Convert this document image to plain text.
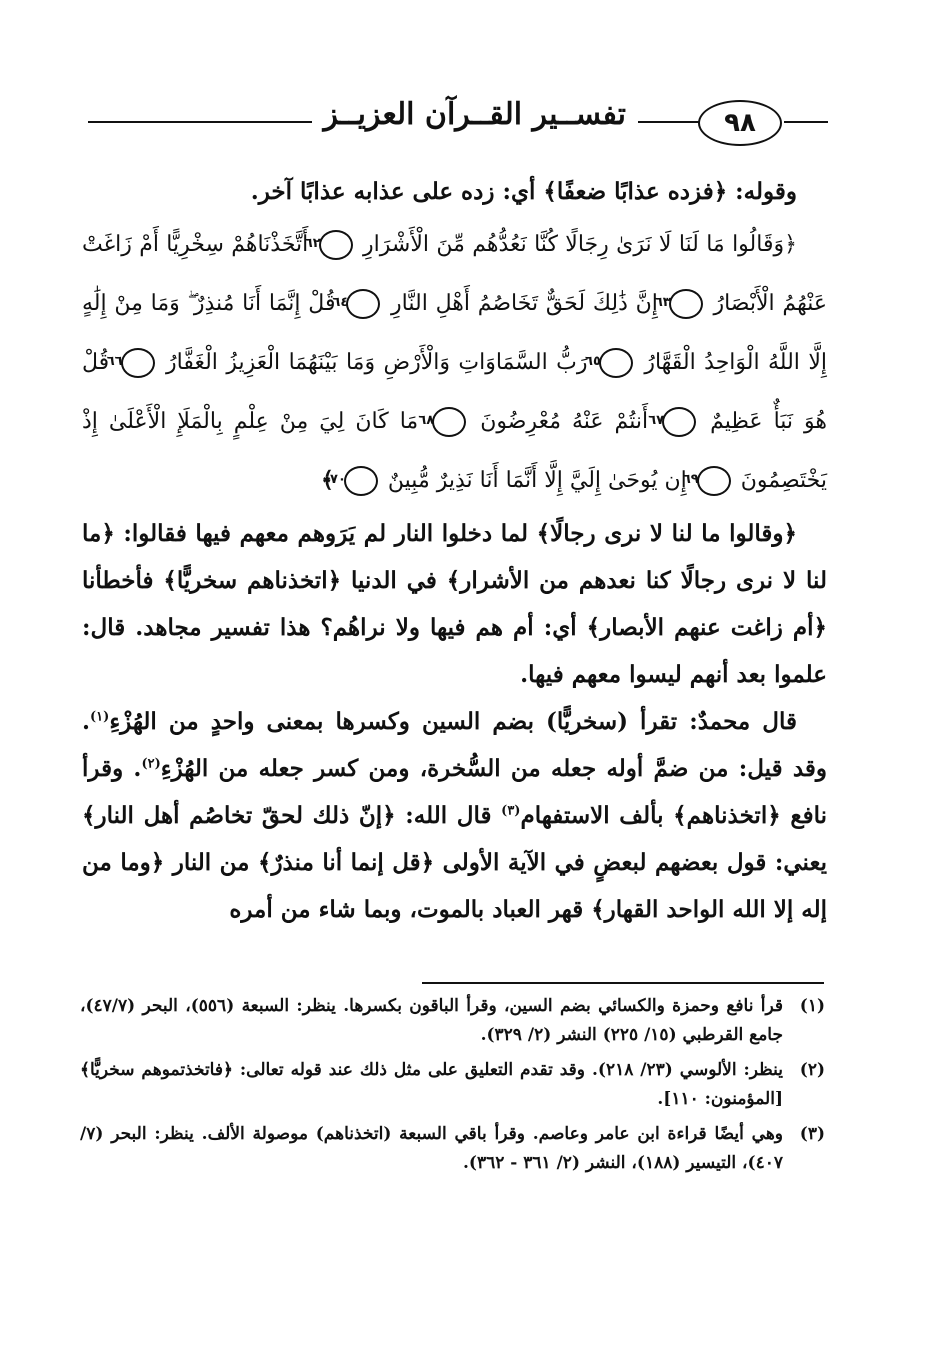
تفســير القــرآن العزيــز	٩٨

وقوله: ﴿فزده عذابًا ضعفًا﴾ أي: زده على عذابه عذابًا آخر.

﴿وَقَالُوا مَا لَنَا لَا نَرَىٰ رِجَالًا كُنَّا نَعُدُّهُم مِّنَ الْأَشْرَارِ ٦٢ أَتَّخَذْنَاهُمْ سِخْرِيًّا أَمْ زَاغَتْ عَنْهُمُ الْأَبْصَارُ ٦٣ إِنَّ ذَٰلِكَ لَحَقٌّ تَخَاصُمُ أَهْلِ النَّارِ ٦٤ قُلْ إِنَّمَا أَنَا مُنذِرٌ ۖ وَمَا مِنْ إِلَٰهٍ إِلَّا اللَّهُ الْوَاحِدُ الْقَهَّارُ ٦٥ رَبُّ السَّمَاوَاتِ وَالْأَرْضِ وَمَا بَيْنَهُمَا الْعَزِيزُ الْغَفَّارُ ٦٦ قُلْ هُوَ نَبَأٌ عَظِيمٌ ٦٧ أَنتُمْ عَنْهُ مُعْرِضُونَ ٦٨ مَا كَانَ لِيَ مِنْ عِلْمٍ بِالْمَلَإِ الْأَعْلَىٰ إِذْ يَخْتَصِمُونَ ٦٩ إِن يُوحَىٰ إِلَيَّ إِلَّا أَنَّمَا أَنَا نَذِيرٌ مُّبِينٌ ٧٠ ﴾

﴿وقالوا ما لنا لا نرى رجالًا﴾ لما دخلوا النار لم يَرَوهم معهم فيها فقالوا: ﴿ما لنا لا نرى رجالًا كنا نعدهم من الأشرار﴾ في الدنيا ﴿اتخذناهم سخريًّا﴾ فأخطأنا ﴿أم زاغت عنهم الأبصار﴾ أي: أم هم فيها ولا نراهُم؟ هذا تفسير مجاهد. قال: علموا بعد أنهم ليسوا معهم فيها.

قال محمدٌ: تقرأ (سخريًّا) بضم السين وكسرها بمعنى واحدٍ من الهُزْءِ$^{(١)}$. وقد قيل: من ضمَّ أوله جعله من السُّخرة، ومن كسر جعله من الهُزْءِ$^{(٢)}$. وقرأ نافع ﴿اتخذناهم﴾ بألف الاستفهام$^{(٣)}$ قال الله: ﴿إنّ ذلك لحقّ تخاصُم أهل النار﴾ يعني: قول بعضهم لبعضٍ في الآية الأولى ﴿قل إنما أنا منذرٌ﴾ من النار ﴿وما من إله إلا الله الواحد القهار﴾ قهر العباد بالموت، وبما شاء من أمره

(١)
قرأ نافع وحمزة والكسائي بضم السين، وقرأ الباقون بكسرها. ينظر: السبعة (٥٥٦)، البحر (٤٧/٧)، جامع القرطبي (١٥/ ٢٢٥) النشر (٢/ ٣٢٩).

(٢)
ينظر: الألوسي (٢٣/ ٢١٨). وقد تقدم التعليق على مثل ذلك عند قوله تعالى: ﴿فاتخذتموهم سخريًّا﴾ [المؤمنون: ١١٠].

(٣)
وهي أيضًا قراءة ابن عامر وعاصم. وقرأ باقي السبعة (اتخذناهم) موصولة الألف. ينظر: البحر (٧/ ٤٠٧)، التيسير (١٨٨)، النشر (٢/ ٣٦١ - ٣٦٢).
